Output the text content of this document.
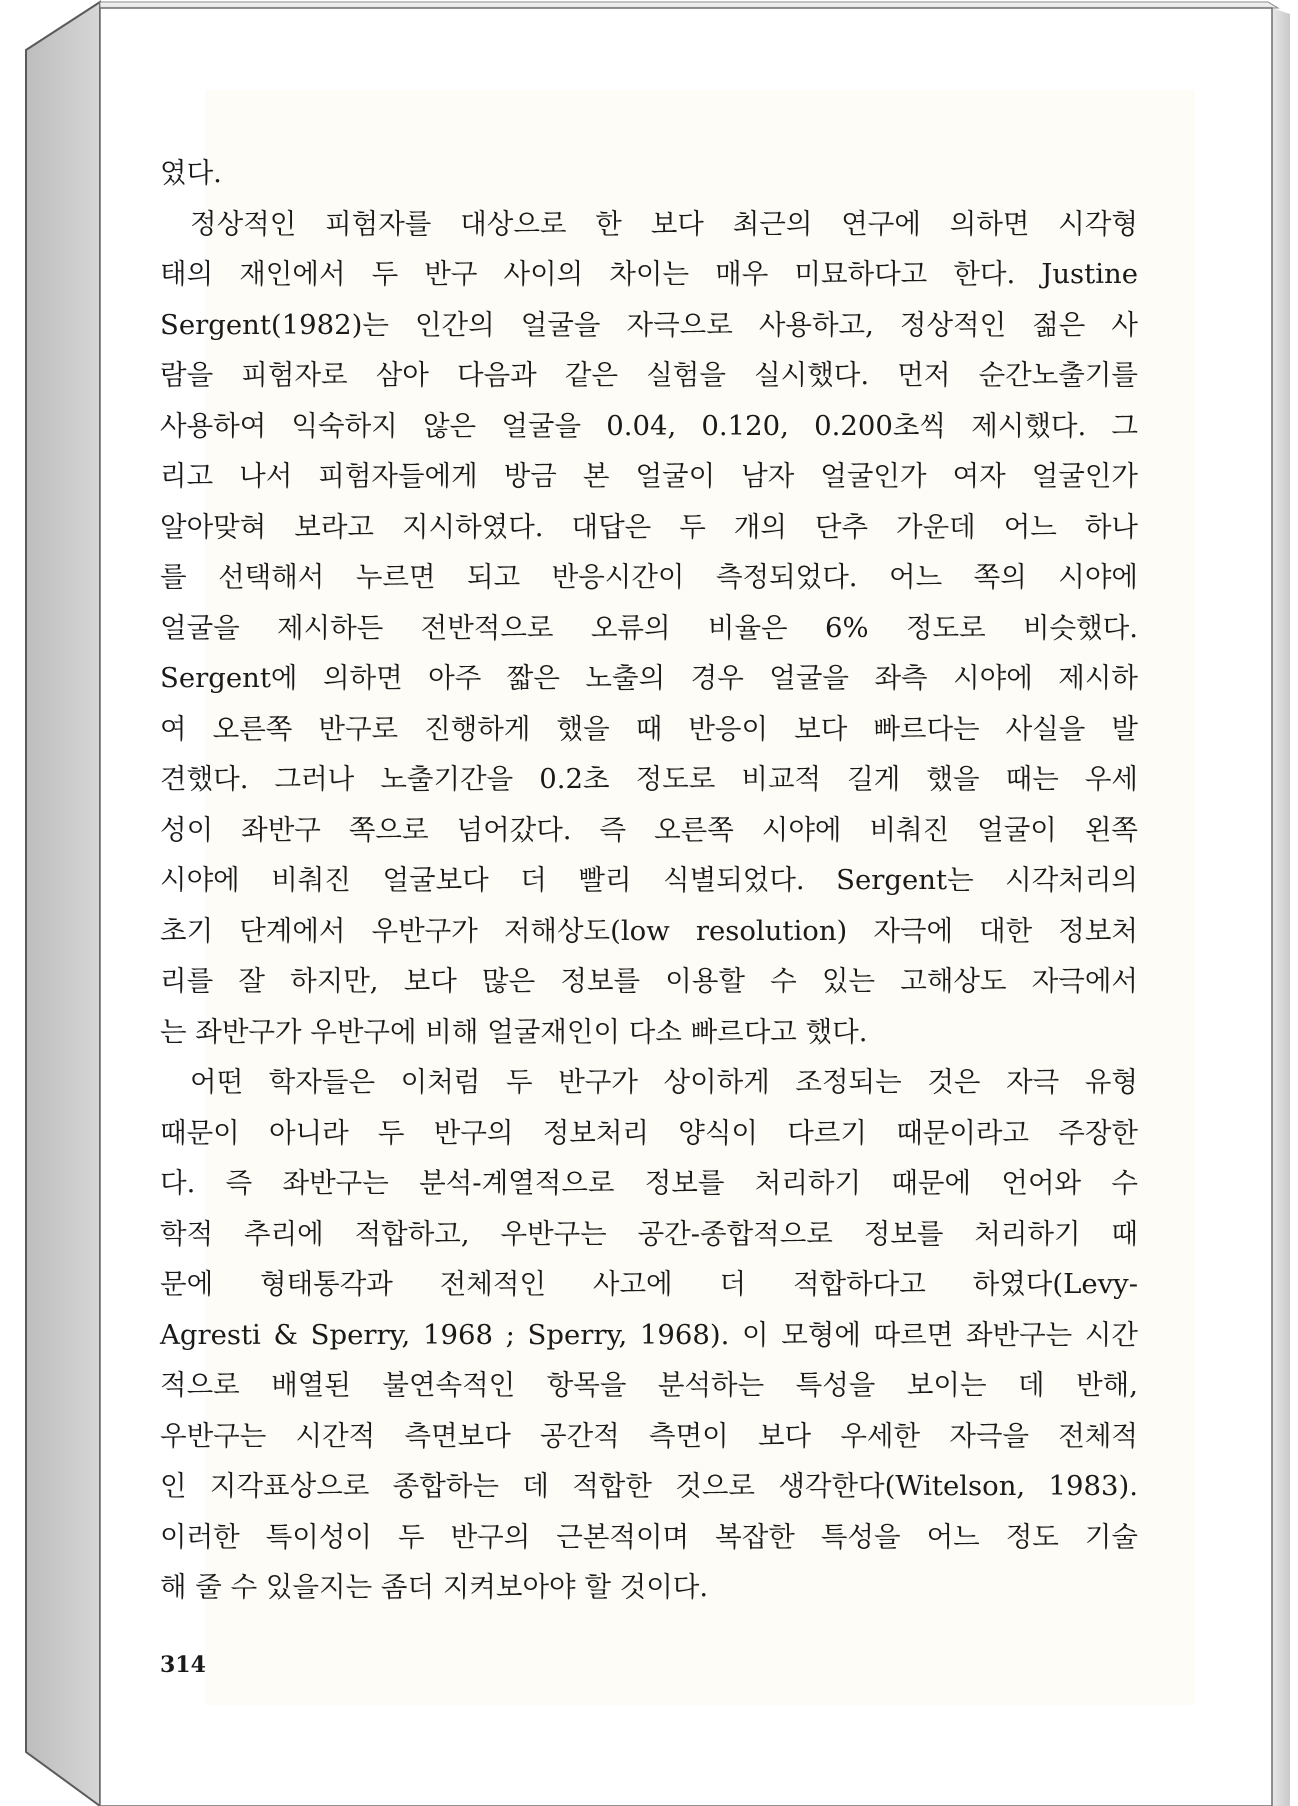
였다.
정상적인 피험자를 대상으로 한 보다 최근의 연구에 의하면 시각형
태의 재인에서 두 반구 사이의 차이는 매우 미묘하다고 한다. Justine
Sergent(1982)는 인간의 얼굴을 자극으로 사용하고, 정상적인 젊은 사
람을 피험자로 삼아 다음과 같은 실험을 실시했다. 먼저 순간노출기를
사용하여 익숙하지 않은 얼굴을 0.04, 0.120, 0.200초씩 제시했다. 그
리고 나서 피험자들에게 방금 본 얼굴이 남자 얼굴인가 여자 얼굴인가
알아맞혀 보라고 지시하였다. 대답은 두 개의 단추 가운데 어느 하나
를 선택해서 누르면 되고 반응시간이 측정되었다. 어느 쪽의 시야에
얼굴을 제시하든 전반적으로 오류의 비율은 6% 정도로 비슷했다.
Sergent에 의하면 아주 짧은 노출의 경우 얼굴을 좌측 시야에 제시하
여 오른쪽 반구로 진행하게 했을 때 반응이 보다 빠르다는 사실을 발
견했다. 그러나 노출기간을 0.2초 정도로 비교적 길게 했을 때는 우세
성이 좌반구 쪽으로 넘어갔다. 즉 오른쪽 시야에 비춰진 얼굴이 왼쪽
시야에 비춰진 얼굴보다 더 빨리 식별되었다. Sergent는 시각처리의
초기 단계에서 우반구가 저해상도(low resolution) 자극에 대한 정보처
리를 잘 하지만, 보다 많은 정보를 이용할 수 있는 고해상도 자극에서
는 좌반구가 우반구에 비해 얼굴재인이 다소 빠르다고 했다.
어떤 학자들은 이처럼 두 반구가 상이하게 조정되는 것은 자극 유형
때문이 아니라 두 반구의 정보처리 양식이 다르기 때문이라고 주장한
다. 즉 좌반구는 분석-계열적으로 정보를 처리하기 때문에 언어와 수
학적 추리에 적합하고, 우반구는 공간-종합적으로 정보를 처리하기 때
문에 형태통각과 전체적인 사고에 더 적합하다고 하였다(Levy-
Agresti & Sperry, 1968 ; Sperry, 1968). 이 모형에 따르면 좌반구는 시간
적으로 배열된 불연속적인 항목을 분석하는 특성을 보이는 데 반해,
우반구는 시간적 측면보다 공간적 측면이 보다 우세한 자극을 전체적
인 지각표상으로 종합하는 데 적합한 것으로 생각한다(Witelson, 1983).
이러한 특이성이 두 반구의 근본적이며 복잡한 특성을 어느 정도 기술
해 줄 수 있을지는 좀더 지켜보아야 할 것이다.
314
